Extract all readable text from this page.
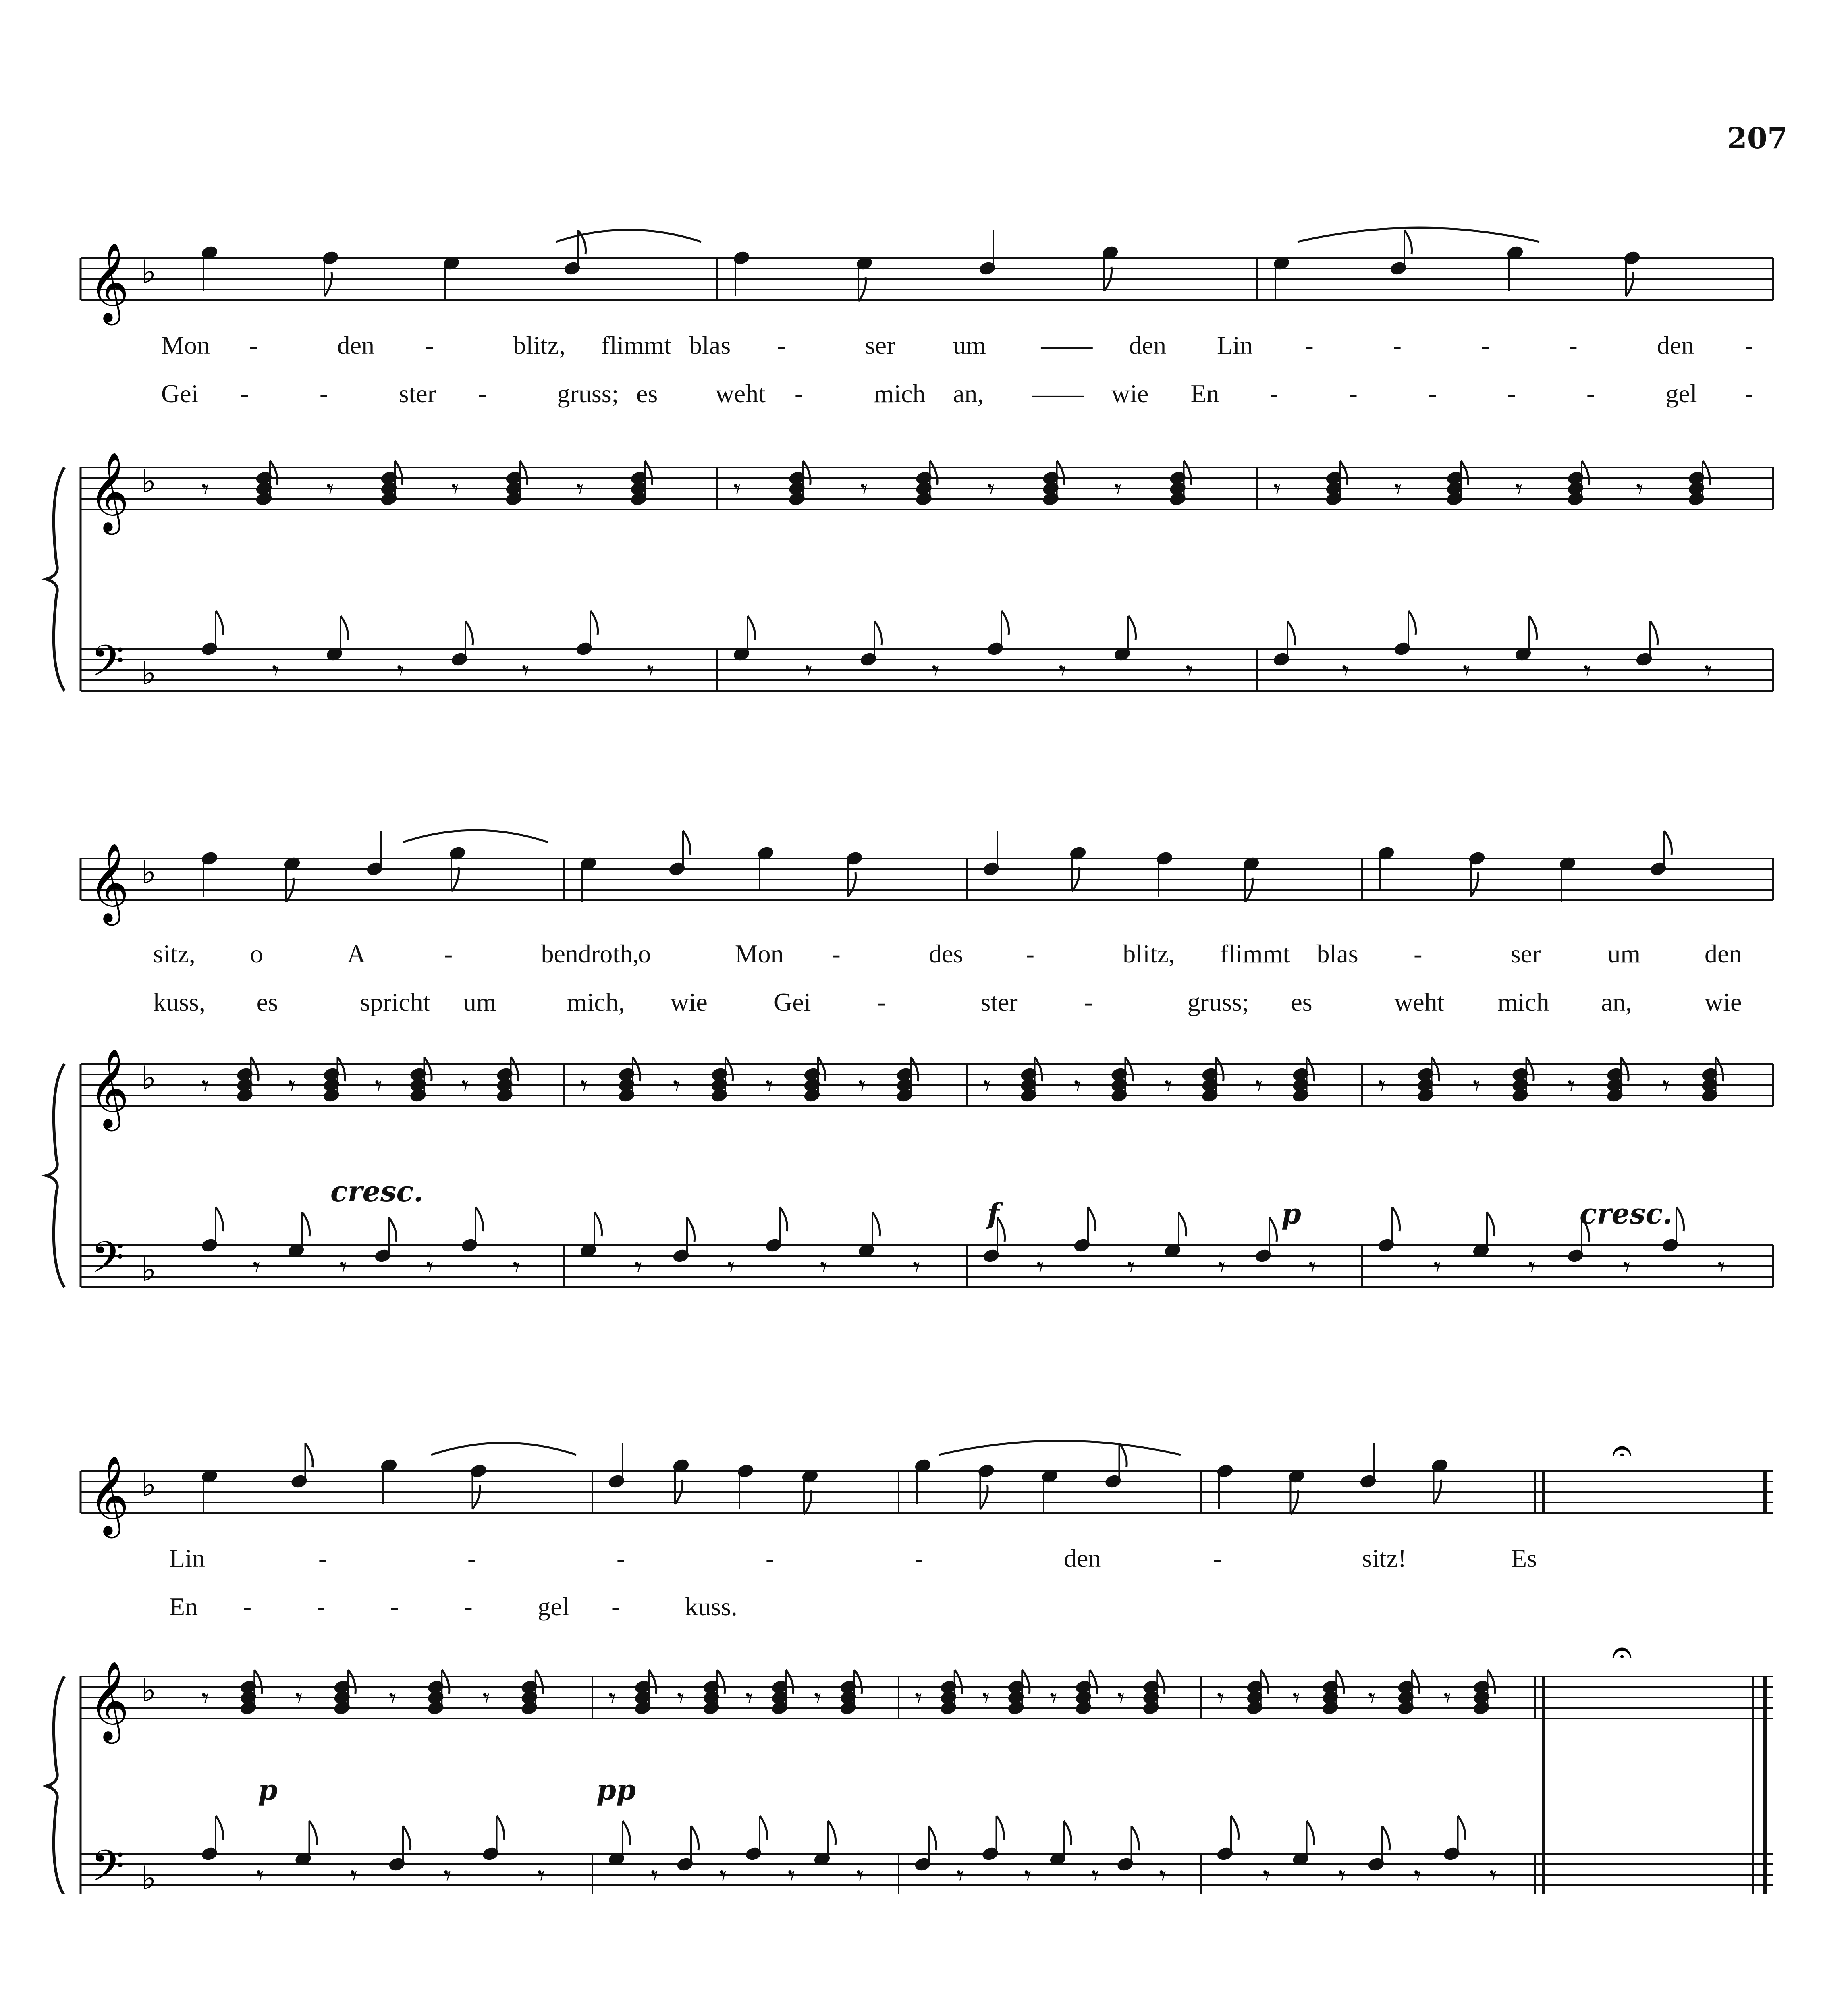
207
𝄞
𝄞
𝄢
♭
♭
♭
𝄾	𝄾	𝄾	𝄾
𝄾	𝄾	𝄾	𝄾
𝄾	𝄾	𝄾	𝄾
𝄾	𝄾	𝄾	𝄾
𝄾	𝄾	𝄾	𝄾
𝄾	𝄾	𝄾	𝄾
𝄞
𝄞
𝄢
♭
♭
♭
𝄾	𝄾	𝄾	𝄾
𝄾	𝄾	𝄾	𝄾
𝄾	𝄾	𝄾	𝄾
𝄾	𝄾	𝄾	𝄾
𝄾	𝄾	𝄾	𝄾
𝄾	𝄾	𝄾	𝄾
𝄾	𝄾	𝄾	𝄾
𝄾	𝄾	𝄾	𝄾
𝄞
𝄞
𝄢
♭
♭
♭
𝄾	𝄾	𝄾	𝄾
𝄾	𝄾	𝄾	𝄾
𝄾 𝄾 𝄾 𝄾
𝄾 𝄾 𝄾 𝄾
𝄾 𝄾 𝄾 𝄾
𝄾 𝄾 𝄾 𝄾
𝄾 𝄾 𝄾 𝄾
𝄾 𝄾 𝄾 𝄾
𝄐
𝄐
Mon -	den -	blitz, flimmt blas -	ser um —— den Lin -	-	-	-	den -
Gei -	-	ster -	gruss; es weht -	mich an, —— wie En -	-	-	-	-	gel -
sitz, o	A	-	bendroth,
o	Mon -	des -	blitz, flimmt blas -	ser	um den
kuss, es	spricht um	mich, wie	Gei	-	ster	-	gruss; es	weht mich an,	wie
Lin	-	-	-	-	-	den	-	sitz!	Es
En -	-	-	-	gel -	kuss.
cresc.
f	p	cresc.
p	pp
